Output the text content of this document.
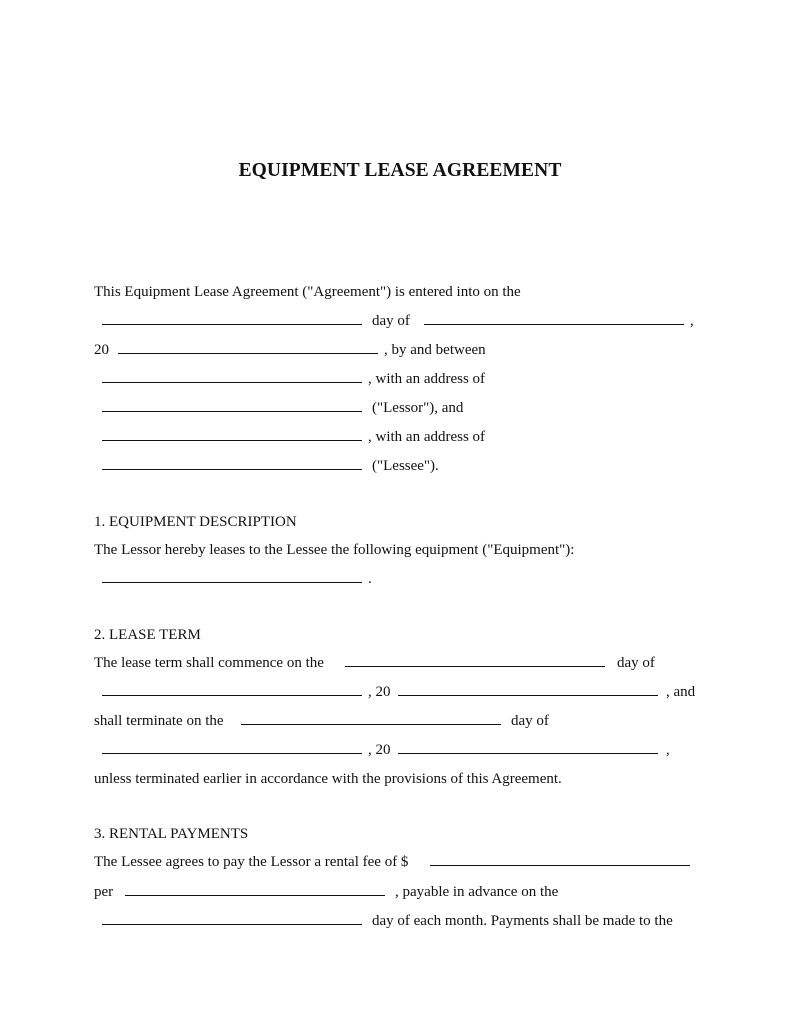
EQUIPMENT LEASE AGREEMENT
This Equipment Lease Agreement ("Agreement") is entered into on the
day of	,
20	, by and between
, with an address of
("Lessor"), and
, with an address of
("Lessee").
1. EQUIPMENT DESCRIPTION
The Lessor hereby leases to the Lessee the following equipment ("Equipment"):
.
2. LEASE TERM
The lease term shall commence on the	day of
, 20	, and
shall terminate on the	day of
, 20	,
unless terminated earlier in accordance with the provisions of this Agreement.
3. RENTAL PAYMENTS
The Lessee agrees to pay the Lessor a rental fee of $
per	, payable in advance on the
day of each month. Payments shall be made to the
